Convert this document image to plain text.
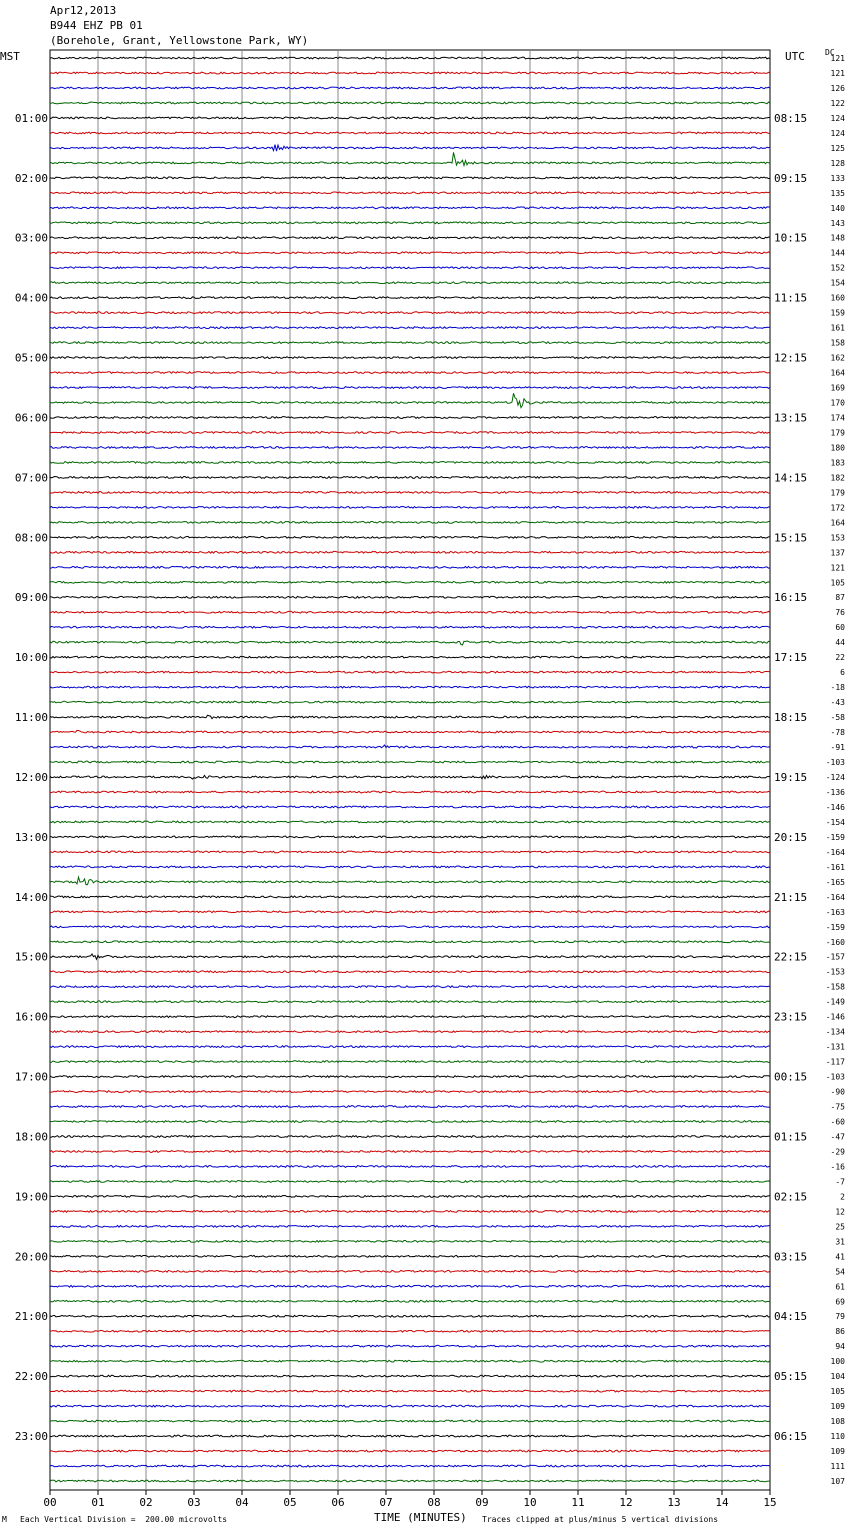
Apr12,2013
B944 EHZ PB 01
(Borehole, Grant, Yellowstone Park, WY)
MST	UTC	DC
121
121
126
122
124
124
125
128
133
135
140
143
148
144
152
154
160
159
161
158
162
164
169
170
174
179
180
183
182
179
172
164
153
137
121
105
87
76
60
44
22
6
-18
-43
-58
-78
-91
-103
-124
-136
-146
-154
-159
-164
-161
-165
-164
-163
-159
-160
-157
-153
-158
-149
-146
-134
-131
-117
-103
-90
-75
-60
-47
-29
-16
-7
2
12
25
31
41
54
61
69
79
86
94
100
104
105
109
108
110
109
111
107
01:00
02:00
03:00
04:00
05:00
06:00
07:00
08:00
09:00
10:00
11:00
12:00
13:00
14:00
15:00
16:00
17:00
18:00
19:00
20:00
21:00
22:00
23:00
08:15
09:15
10:15
11:15
12:15
13:15
14:15
15:15
16:15
17:15
18:15
19:15
20:15
21:15
22:15
23:15
00:15
01:15
02:15
03:15
04:15
05:15
06:15
00	01	02	03	04	05	06	07	08	09	10	11	12	13	14	15
M Each Vertical Division =  200.00 microvolts	TIME (MINUTES) Traces clipped at plus/minus 5 vertical divisions
